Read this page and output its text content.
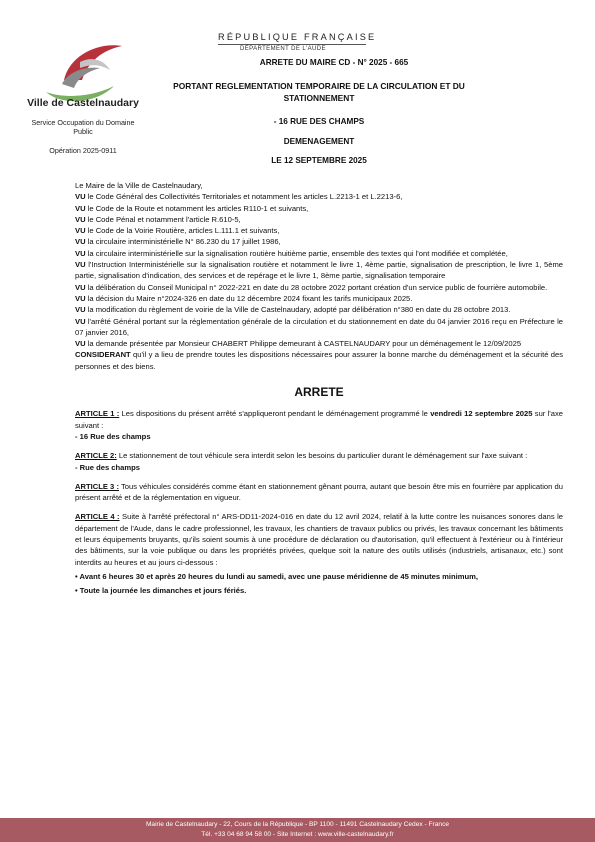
Ville de Castelnaudary
Service Occupation du Domaine Public
Opération 2025-0911
RÉPUBLIQUE FRANÇAISE
DÉPARTEMENT DE L'AUDE
ARRETE DU MAIRE CD - N° 2025 - 665
PORTANT REGLEMENTATION TEMPORAIRE DE LA CIRCULATION ET DU STATIONNEMENT
- 16 RUE DES CHAMPS
DEMENAGEMENT
LE 12 SEPTEMBRE 2025

Le Maire de la Ville de Castelnaudary,

VU le Code Général des Collectivités Territoriales et notamment les articles L.2213-1 et L.2213-6,

VU le Code de la Route et notamment les articles R110-1 et suivants,

VU le Code Pénal et notamment l'article R.610-5,

VU le Code de la Voirie Routière, articles L.111.1 et suivants,

VU la circulaire interministérielle N° 86.230 du 17 juillet 1986,

VU la circulaire interministérielle sur la signalisation routière huitième partie, ensemble des textes qui l'ont modifiée et complétée,

VU l'Instruction Interministérielle sur la signalisation routière et notamment le livre 1, 4ème partie, signalisation de prescription, le livre 1, 5ème partie, signalisation d'indication, des services et de repérage et le livre 1, 8ème partie, signalisation temporaire

VU la délibération du Conseil Municipal n° 2022-221 en date du 28 octobre 2022 portant création d'un service public de fourrière automobile.

VU la décision du Maire n°2024-326 en date du 12 décembre 2024 fixant les tarifs municipaux 2025.

VU la modification du règlement de voirie de la Ville de Castelnaudary, adopté par délibération n°380 en date du 28 octobre 2013.

VU l'arrêté Général portant sur la réglementation générale de la circulation et du stationnement en date du 04 janvier 2016 reçu en Préfecture le 07 janvier 2016,

VU la demande présentée par Monsieur CHABERT Philippe demeurant à CASTELNAUDARY pour un déménagement le 12/09/2025

CONSIDERANT qu'il y a lieu de prendre toutes les dispositions nécessaires pour assurer la bonne marche du déménagement et la sécurité des personnes et des biens.

ARRETE

ARTICLE 1 : Les dispositions du présent arrêté s'appliqueront pendant le déménagement programmé le vendredi 12 septembre 2025 sur l'axe suivant :

- 16 Rue des champs

ARTICLE 2: Le stationnement de tout véhicule sera interdit selon les besoins du particulier durant le déménagement sur l'axe suivant :

- Rue des champs

ARTICLE 3 : Tous véhicules considérés comme étant en stationnement gênant pourra, autant que besoin être mis en fourrière par application du présent arrêté et de la réglementation en vigueur.

ARTICLE 4 : Suite à l'arrêté préfectoral n° ARS-DD11-2024-016 en date du 12 avril 2024, relatif à la lutte contre les nuisances sonores dans le département de l'Aude, dans le cadre professionnel, les travaux, les chantiers de travaux publics ou privés, les travaux concernant les bâtiments et leurs équipements bruyants, qu'ils soient soumis à une procédure de déclaration ou d'autorisation, qu'il effectuent à l'extérieur ou à l'intérieur des bâtiments, sur la voie publique ou dans les propriétés privées, quelque soit la nature des outils utilisés (industriels, artisanaux, etc.) sont interdits au heures et au jours ci-dessous :

• Avant 6 heures 30 et après 20 heures du lundi au samedi, avec une pause méridienne de 45 minutes minimum,

• Toute la journée les dimanches et jours fériés.

Mairie de Castelnaudary - 22, Cours de la République - BP 1100 - 11491 Castelnaudary Cedex - France
Tél. +33 04 68 94 58 00 - Site Internet : www.ville-castelnaudary.fr
